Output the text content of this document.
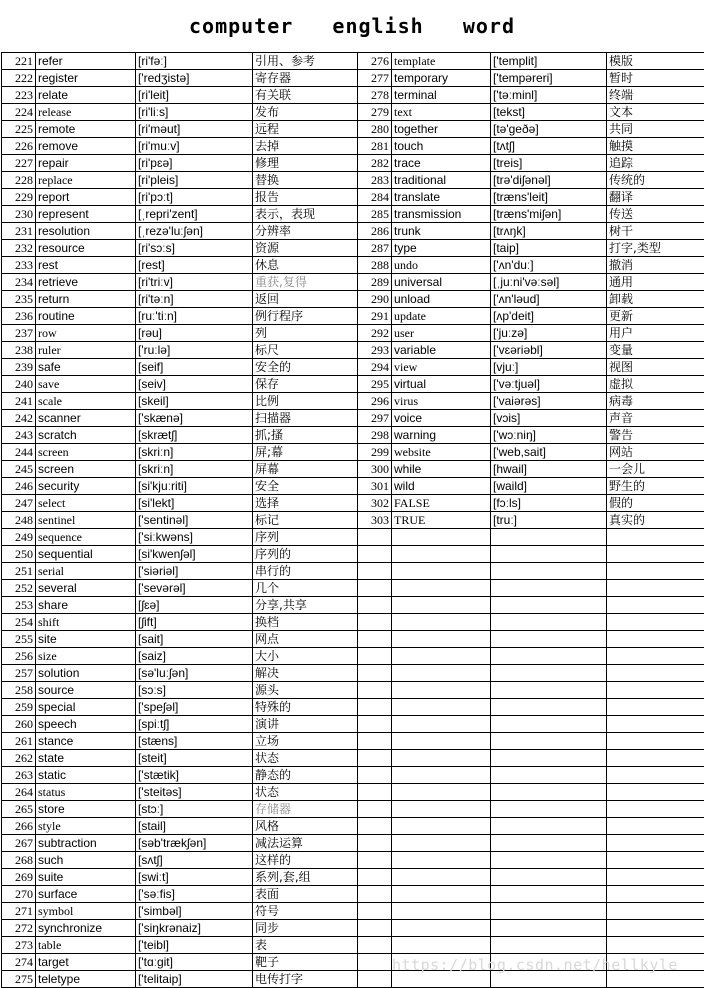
computer   english   word
221	refer	[ri'fəː]	引用、参考	276	template	['templit]	模版
222	register	['redʒistə]	寄存器	277	temporary	['tempəreri]	暂时
223	relate	[ri'leit]	有关联	278	terminal	['təːminl]	终端
224	release	[ri'liːs]	发布	279	text	[tekst]	文本
225	remote	[ri'məut]	远程	280	together	[tə'geðə]	共同
226	remove	[ri'muːv]	去掉	281	touch	[tʌtʃ]	触摸
227	repair	[ri'pɛə]	修理	282	trace	[treis]	追踪
228	replace	[ri'pleis]	替换	283	traditional	[trə'diʃənəl]	传统的
229	report	[ri'pɔːt]	报告	284	translate	[træns'leit]	翻译
230	represent	[ˌrepri'zent]	表示，表现	285	transmission	[træns'miʃən]	传送
231	resolution	[ˌrezə'luːʃən]	分辨率	286	trunk	[trʌŋk]	树干
232	resource	[ri'sɔːs]	资源	287	type	[taip]	打字,类型
233	rest	[rest]	休息	288	undo	['ʌn'duː]	撤消
234	retrieve	[ri'triːv]	重获,复得	289	universal	[ˌjuːni'vəːsəl]	通用
235	return	[ri'təːn]	返回	290	unload	['ʌn'ləud]	卸载
236	routine	[ruː'tiːn]	例行程序	291	update	[ʌp'deit]	更新
237	row	[rəu]	列	292	user	['juːzə]	用户
238	ruler	['ruːlə]	标尺	293	variable	['vɛəriəbl]	变量
239	safe	[seif]	安全的	294	view	[vjuː]	视图
240	save	[seiv]	保存	295	virtual	['vəːtjuəl]	虚拟
241	scale	[skeil]	比例	296	virus	['vaiərəs]	病毒
242	scanner	['skænə]	扫描器	297	voice	[vɔis]	声音
243	scratch	[skrætʃ]	抓;搔	298	warning	['wɔːniŋ]	警告
244	screen	[skriːn]	屏;幕	299	website	['web,sait]	网站
245	screen	[skriːn]	屏幕	300	while	[hwail]	一会儿
246	security	[si'kjuːriti]	安全	301	wild	[waild]	野生的
247	select	[si'lekt]	选择	302	FALSE	[fɔːls]	假的
248	sentinel	['sentinəl]	标记	303	TRUE	[truː]	真实的
249	sequence	['siːkwəns]	序列				
250	sequential	[si'kwenʃəl]	序列的				
251	serial	['siəriəl]	串行的				
252	several	['sevərəl]	几个				
253	share	[ʃɛə]	分享,共享				
254	shift	[ʃift]	换档				
255	site	[sait]	网点				
256	size	[saiz]	大小				
257	solution	[sə'luːʃən]	解决				
258	source	[sɔːs]	源头				
259	special	['speʃəl]	特殊的				
260	speech	[spiːtʃ]	演讲				
261	stance	[stæns]	立场				
262	state	[steit]	状态				
263	static	['stætik]	静态的				
264	status	['steitəs]	状态				
265	store	[stɔː]	存储器				
266	style	[stail]	风格				
267	subtraction	[səb'trækʃən]	减法运算				
268	such	[sʌtʃ]	这样的				
269	suite	[swiːt]	系列,套,组				
270	surface	['səːfis]	表面				
271	symbol	['simbəl]	符号				
272	synchronize	['siŋkrənaiz]	同步				
273	table	['teibl]	表				
274	target	['tɑːgit]	靶子				
275	teletype	['telitaip]	电传打字				
https://blog.csdn.net/hellkyle
